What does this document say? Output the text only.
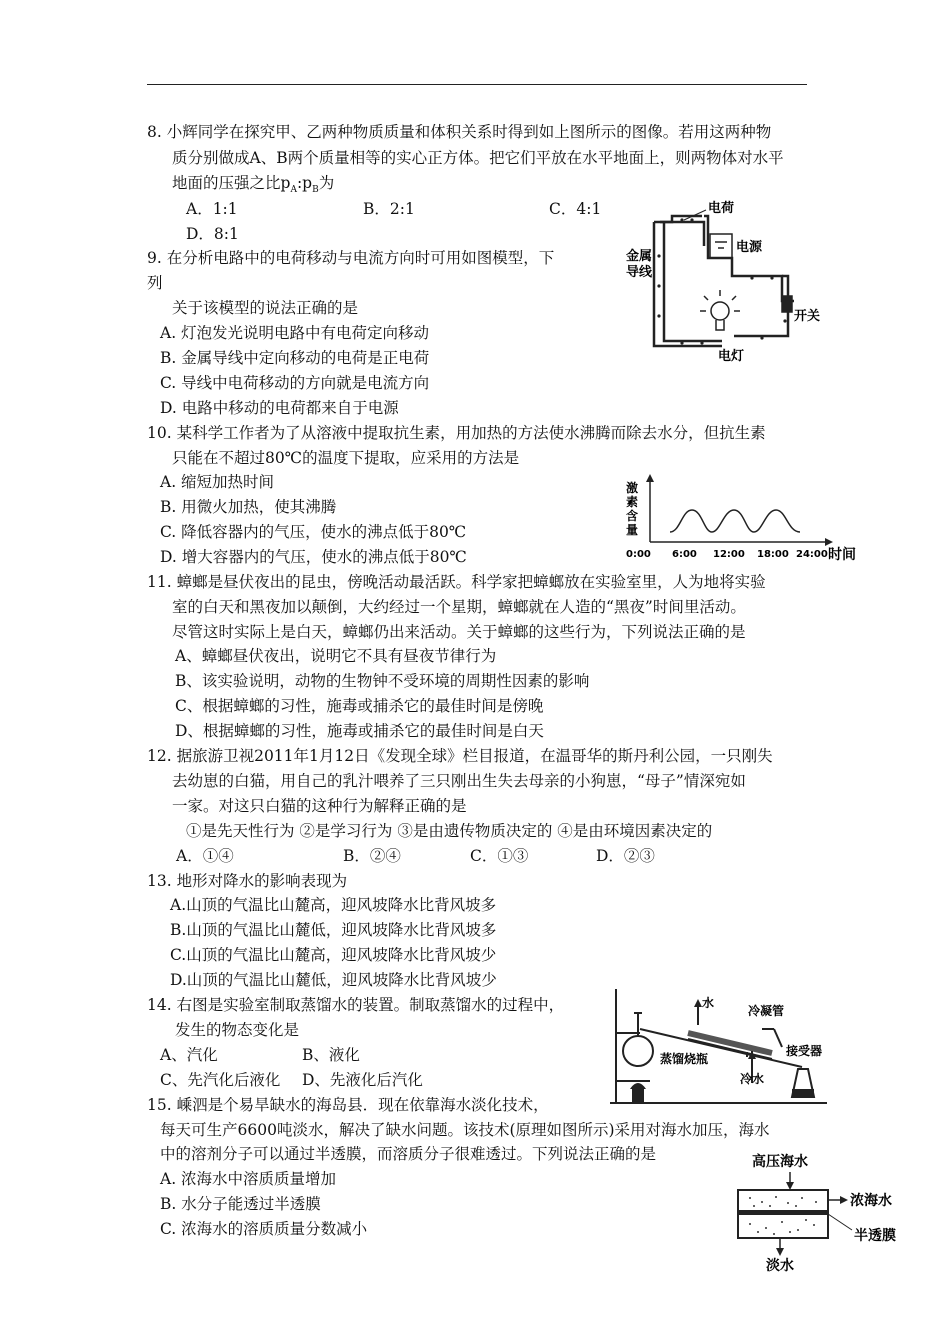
8. 小辉同学在探究甲、乙两种物质质量和体积关系时得到如上图所示的图像。若用这两种物
质分别做成A、B两个质量相等的实心正方体。把它们平放在水平地面上，则两物体对水平
地面的压强之比$p_A:p_B$为
A．1:1	B．2:1	C．4:1
D．8:1
9. 在分析电路中的电荷移动与电流方向时可用如图模型，下
列
关于该模型的说法正确的是
A. 灯泡发光说明电路中有电荷定向移动
B. 金属导线中定向移动的电荷是正电荷
C. 导线中电荷移动的方向就是电流方向
D. 电路中移动的电荷都来自于电源
电荷
电源
金属
导线
开关
电灯
10. 某科学工作者为了从溶液中提取抗生素，用加热的方法使水沸腾而除去水分，但抗生素
只能在不超过80℃的温度下提取，应采用的方法是
A. 缩短加热时间
B. 用微火加热，使其沸腾
C. 降低容器内的气压，使水的沸点低于80℃
D. 增大容器内的气压，使水的沸点低于80℃
激
素
含
量
0:00 6:00 12:00 18:00 24:00 时间
11. 蟑螂是昼伏夜出的昆虫，傍晚活动最活跃。科学家把蟑螂放在实验室里，人为地将实验
室的白天和黑夜加以颠倒，大约经过一个星期，蟑螂就在人造的“黑夜”时间里活动。
尽管这时实际上是白天，蟑螂仍出来活动。关于蟑螂的这些行为，下列说法正确的是
A、蟑螂昼伏夜出，说明它不具有昼夜节律行为
B、该实验说明，动物的生物钟不受环境的周期性因素的影响
C、根据蟑螂的习性，施毒或捕杀它的最佳时间是傍晚
D、根据蟑螂的习性，施毒或捕杀它的最佳时间是白天
12. 据旅游卫视2011年1月12日《发现全球》栏目报道，在温哥华的斯丹利公园，一只刚失
去幼崽的白猫，用自己的乳汁喂养了三只刚出生失去母亲的小狗崽，“母子”情深宛如
一家。对这只白猫的这种行为解释正确的是
①是先天性行为 ②是学习行为 ③是由遗传物质决定的 ④是由环境因素决定的
A．①④	B．②④	C．①③	D．②③
13. 地形对降水的影响表现为
A.山顶的气温比山麓高，迎风坡降水比背风坡多
B.山顶的气温比山麓低，迎风坡降水比背风坡多
C.山顶的气温比山麓高，迎风坡降水比背风坡少
D.山顶的气温比山麓低，迎风坡降水比背风坡少
14. 右图是实验室制取蒸馏水的装置。制取蒸馏水的过程中，
发生的物态变化是
A、汽化	B、液化
C、先汽化后液化 D、先液化后汽化
水
冷凝管
蒸馏烧瓶
接受器
冷水
15. 嵊泗是个易旱缺水的海岛县．现在依靠海水淡化技术，
每天可生产6600吨淡水，解决了缺水问题。该技术(原理如图所示)采用对海水加压，海水
中的溶剂分子可以通过半透膜，而溶质分子很难透过。下列说法正确的是
A. 浓海水中溶质质量增加
B. 水分子能透过半透膜
C. 浓海水的溶质质量分数减小
高压海水
浓海水
半透膜
淡水
